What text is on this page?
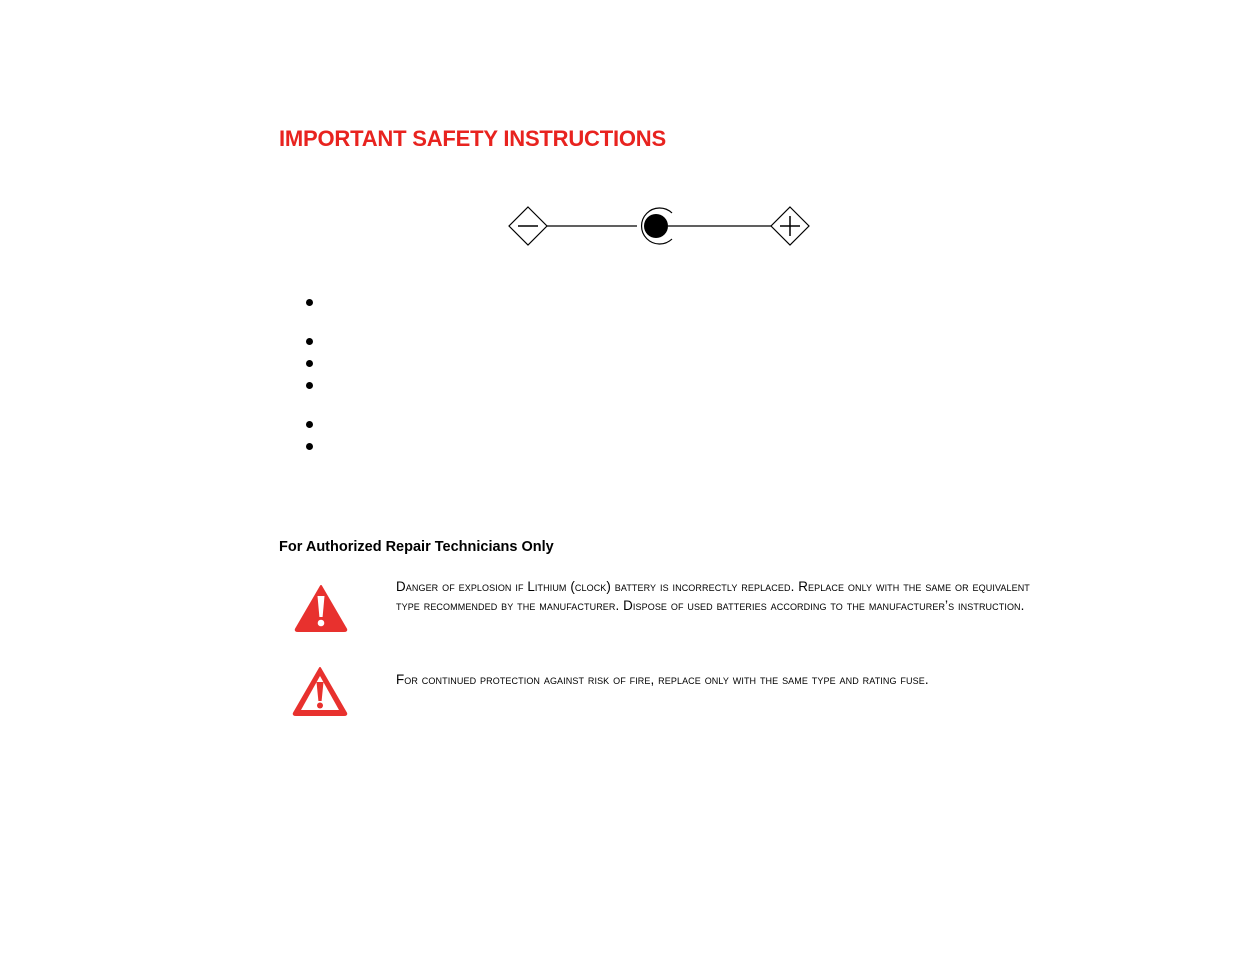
IMPORTANT SAFETY INSTRUCTIONS
For Authorized Repair Technicians Only

Danger of explosion if Lithium (clock) battery is incorrectly replaced. Replace only with the same or equivalent type recommended by the manufacturer. Dispose of used batteries according to the manufacturer’s instruction.

For continued protection against risk of fire, replace only with the same type and rating fuse.
